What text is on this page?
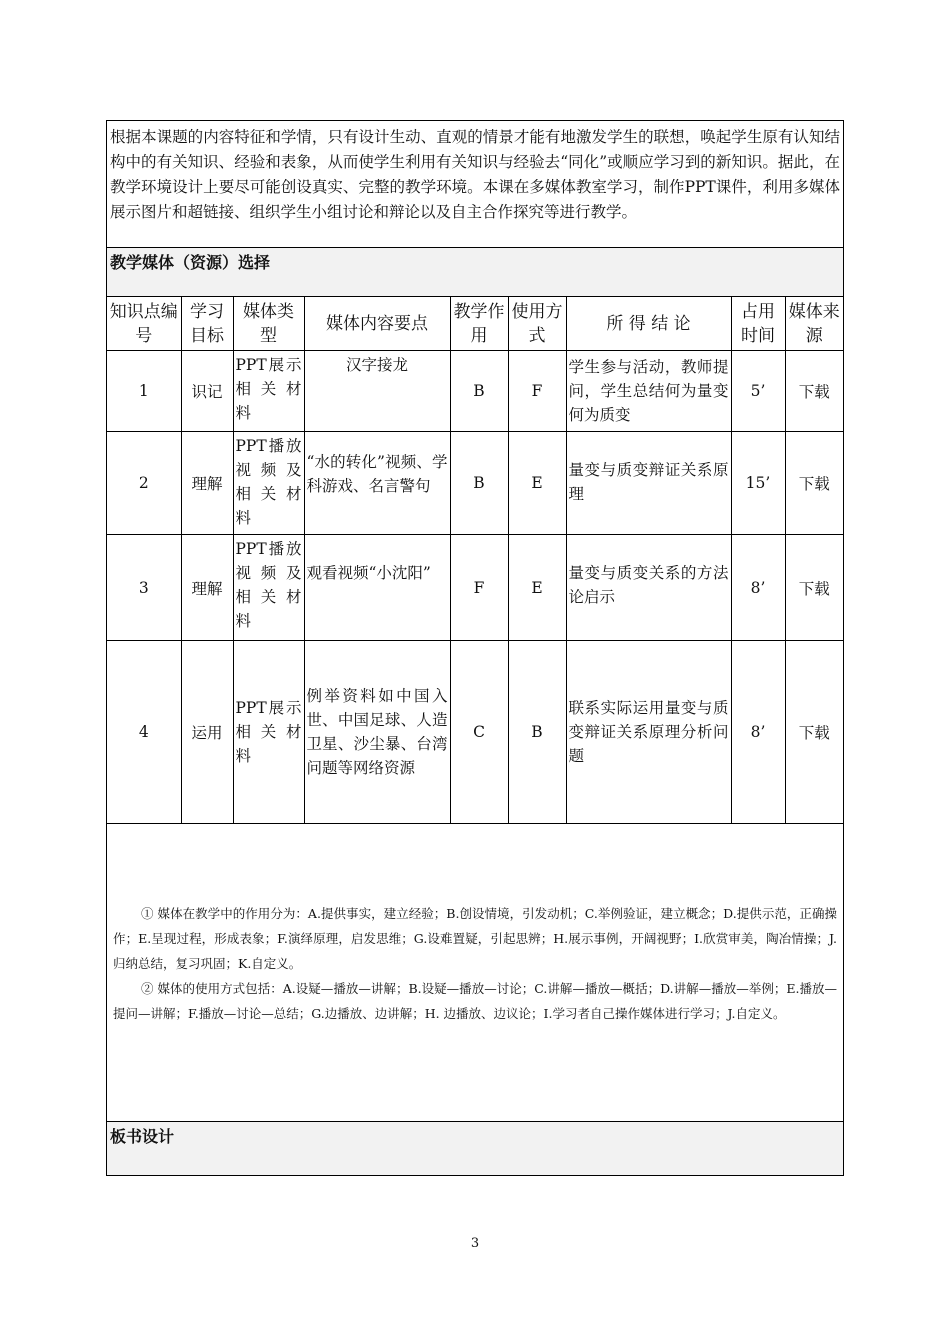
根据本课题的内容特征和学情，只有设计生动、直观的情景才能有地激发学生的联想，唤起学生原有认知结构中的有关知识、经验和表象，从而使学生利用有关知识与经验去“同化”或顺应学习到的新知识。据此，在教学环境设计上要尽可能创设真实、完整的教学环境。本课在多媒体教室学习，制作PPT课件，利用多媒体展示图片和超链接、组织学生小组讨论和辩论以及自主合作探究等进行教学。
教学媒体（资源）选择
知识点编 号	学习目标	媒体类型	媒体内容要点	教学作用	使用方式	所 得 结 论	占用时间	媒体来源
1	识记	PPT展示相 关 材料	汉字接龙	B	F	学生参与活动，教师提问，学生总结何为量变何为质变	5’	下载
2	理解	PPT播放视 频 及相 关 材料	“水的转化”视频、学科游戏、名言警句	B	E	量变与质变辩证关系原理	15’	下载
3	理解	PPT播放视 频 及相 关 材料	观看视频“小沈阳”	F	E	量变与质变关系的方法论启示	8’	下载
4	运用	PPT展示相 关 材料	例举资料如中国入世、中国足球、人造卫星、沙尘暴、台湾问题等网络资源	C	B	联系实际运用量变与质变辩证关系原理分析问题	8’	下载

① 媒体在教学中的作用分为：A.提供事实，建立经验；B.创设情境，引发动机；C.举例验证，建立概念；D.提供示范，正确操作；E.呈现过程，形成表象；F.演绎原理，启发思维；G.设难置疑，引起思辨；H.展示事例，开阔视野；I.欣赏审美，陶冶情操；J.归纳总结，复习巩固；K.自定义。

② 媒体的使用方式包括：A.设疑—播放—讲解；B.设疑—播放—讨论；C.讲解—播放—概括；D.讲解—播放—举例；E.播放—提问—讲解；F.播放—讨论—总结；G.边播放、边讲解；H. 边播放、边议论；I.学习者自己操作媒体进行学习；J.自定义。

板书设计
3
